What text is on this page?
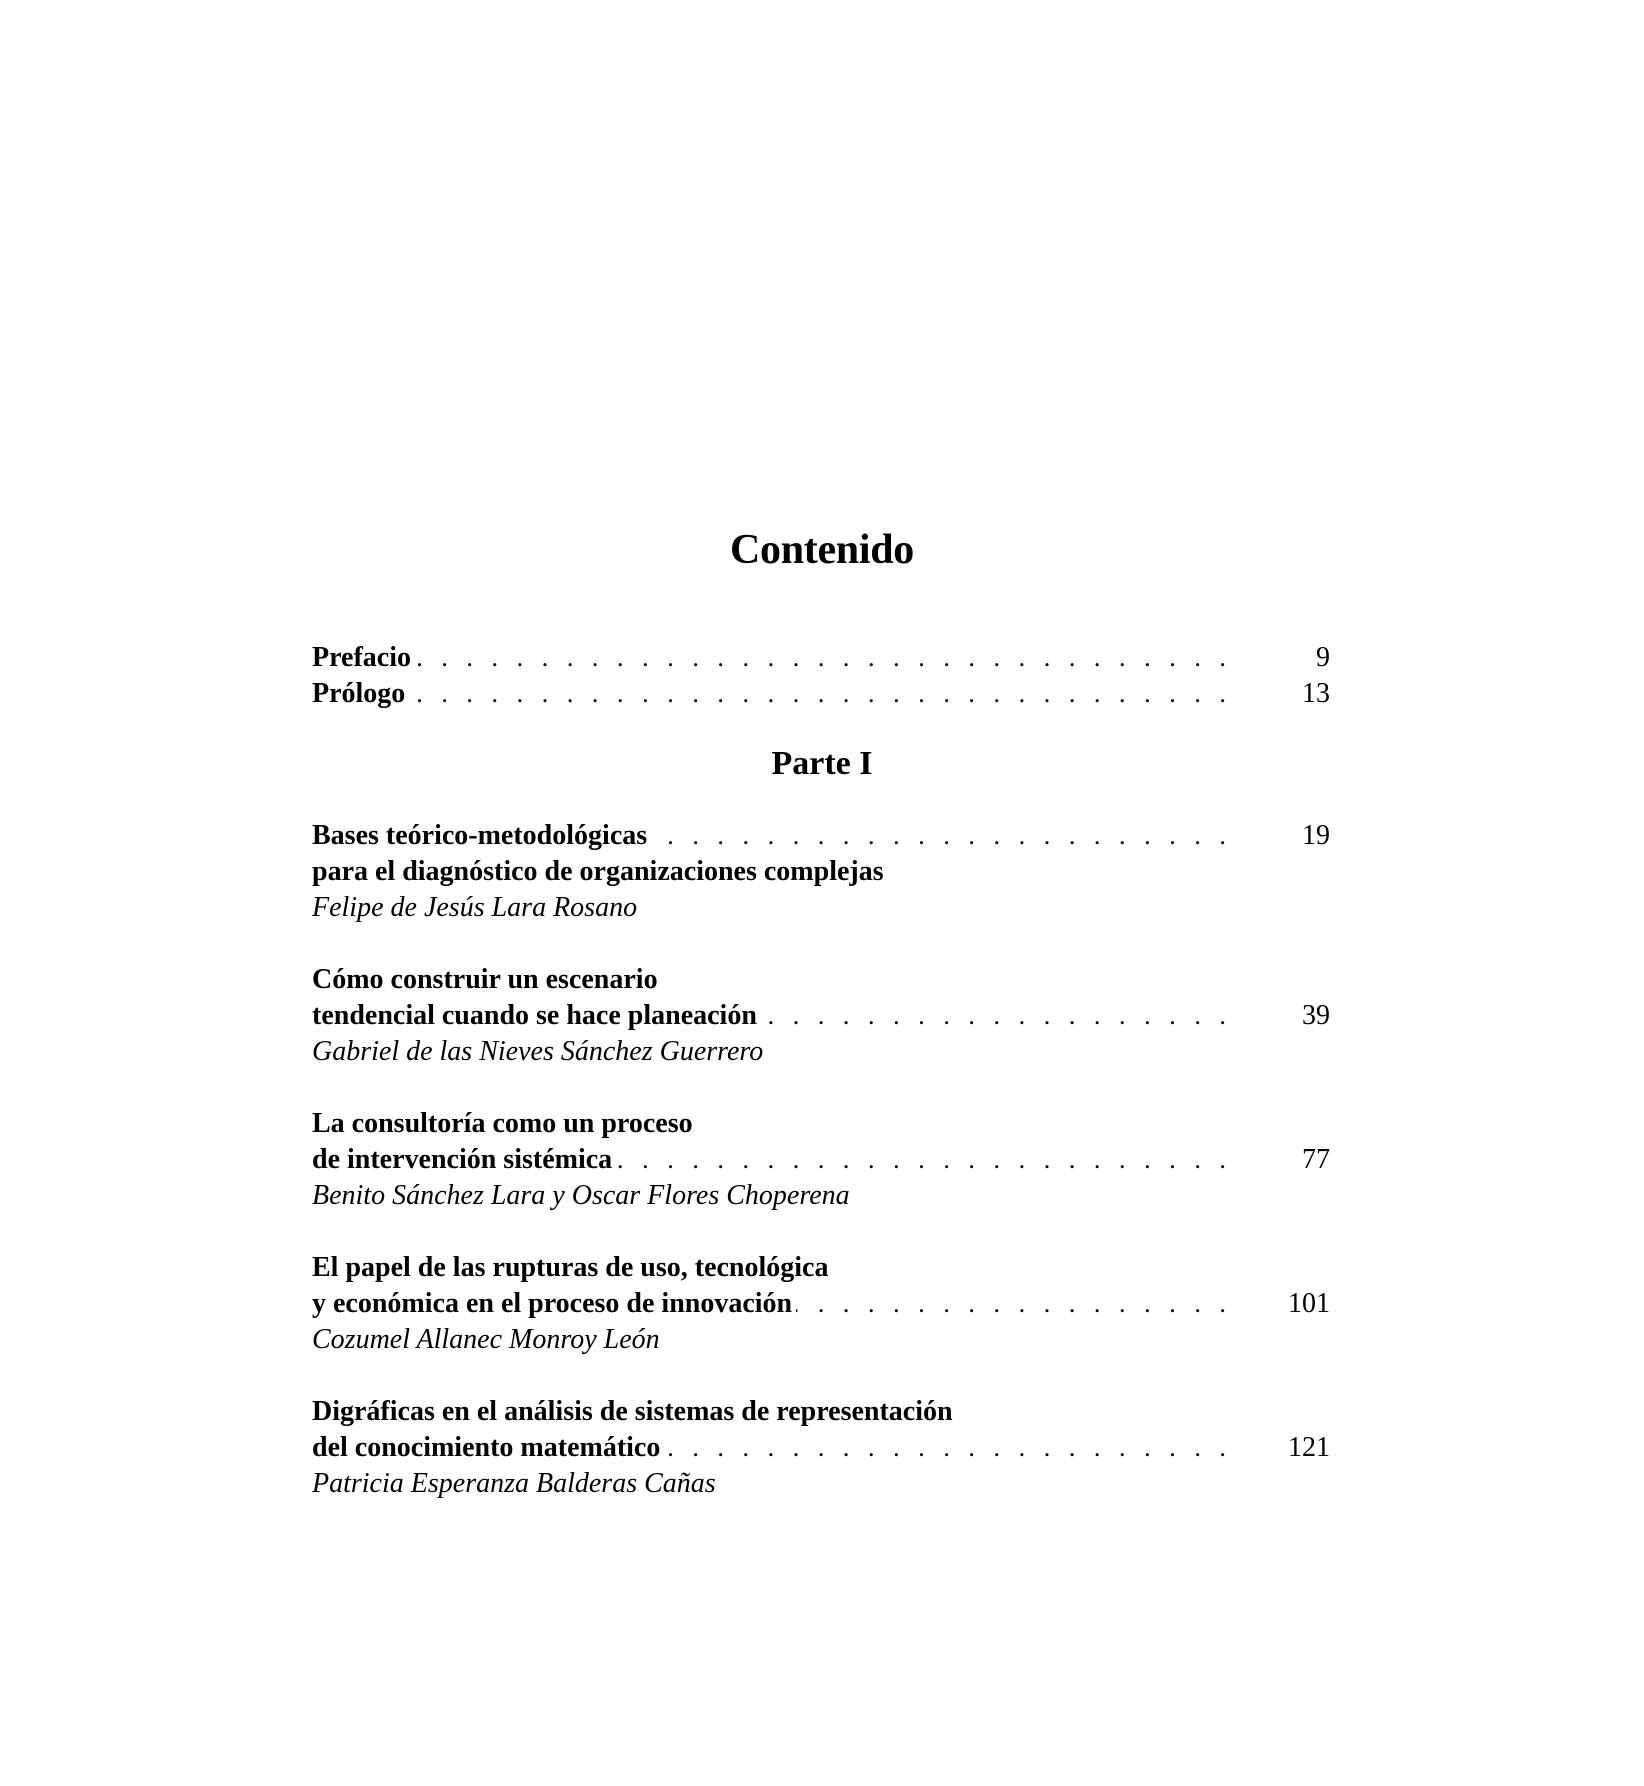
Contenido
. . .
Prefacio	9
. . .
Prólogo	13
Parte I
. . .
Bases teórico-metodológicas	19
para el diagnóstico de organizaciones complejas
Felipe de Jesús Lara Rosano
Cómo construir un escenario
. . .
tendencial cuando se hace planeación	39
Gabriel de las Nieves Sánchez Guerrero
La consultoría como un proceso
. . .
de intervención sistémica	77
Benito Sánchez Lara y Oscar Flores Choperena
El papel de las rupturas de uso, tecnológica
. . .
y económica en el proceso de innovación	101
Cozumel Allanec Monroy León
Digráficas en el análisis de sistemas de representación
. . .
del conocimiento matemático	121
Patricia Esperanza Balderas Cañas
